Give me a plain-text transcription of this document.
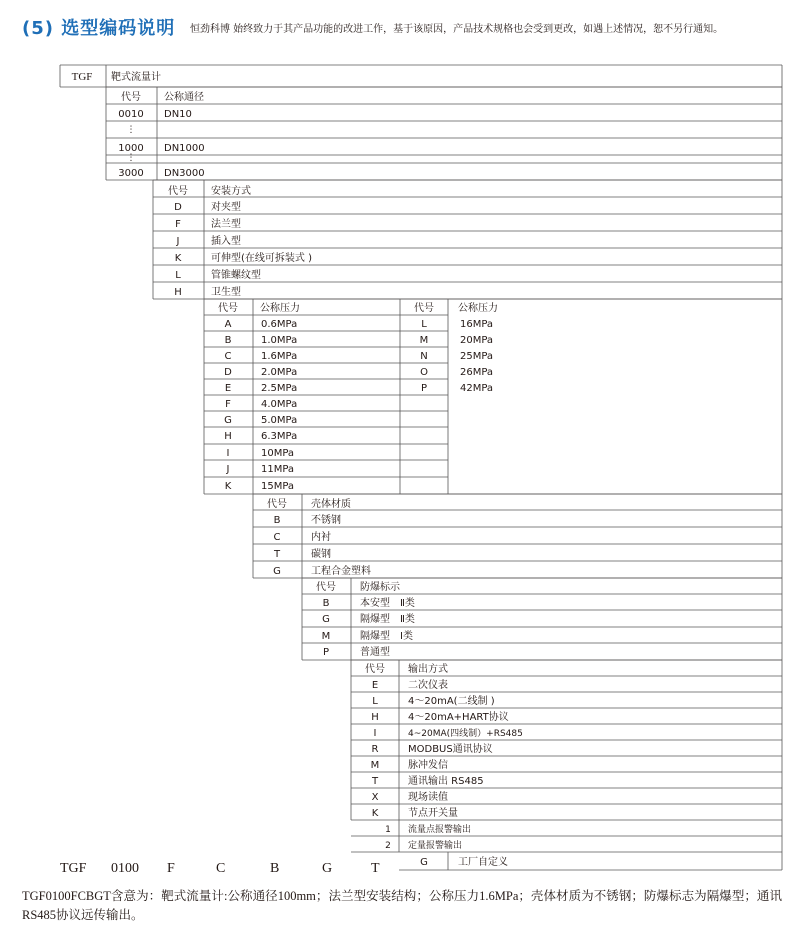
(5) 选型编码说明 恒劲科博 始终致力于其产品功能的改进工作，基于该原因，产品技术规格也会受到更改，如遇上述情况，恕不另行通知。
TGF 靶式流量计
代号 公称通径
0010 DN10
⋮
1000 DN1000
⋮
3000 DN3000
代号 安装方式
D	对夹型
F	法兰型
J	插入型
K	可伸型(在线可拆装式 )
L	管锥螺纹型
H	卫生型
代号 公称压力	代号 公称压力
A	0.6MPa
B	1.0MPa
C	1.6MPa
D	2.0MPa
E	2.5MPa
F	4.0MPa
G	5.0MPa
H	6.3MPa
I	10MPa
J	11MPa
K	15MPa
L	16MPa
M	20MPa
N	25MPa
O	26MPa
P	42MPa
代号 壳体材质
B	不锈钢
C	内衬
T	碳钢
G	工程合金塑料
代号 防爆标示
B	本安型　Ⅱ类
G	隔爆型　Ⅱ类
M	隔爆型　Ⅰ类
P	普通型
代号 输出方式
E	二次仪表
L	4～20mA(二线制 )
H	4～20mA+HART协议
I	4~20MA(四线制）+RS485
R	MODBUS通讯协议
M	脉冲发信
T	通讯输出 RS485
X	现场读值
K	节点开关量
1 流量点报警输出
2 定量报警输出
G	工厂自定义
TGF 0100 F	C	B	G	T
TGF0100FCBGT含意为：靶式流量计:公称通径100mm；法兰型安装结构；公称压力1.6MPa；壳体材质为不锈钢；防爆标志为隔爆型；通讯RS485协议远传输出。
